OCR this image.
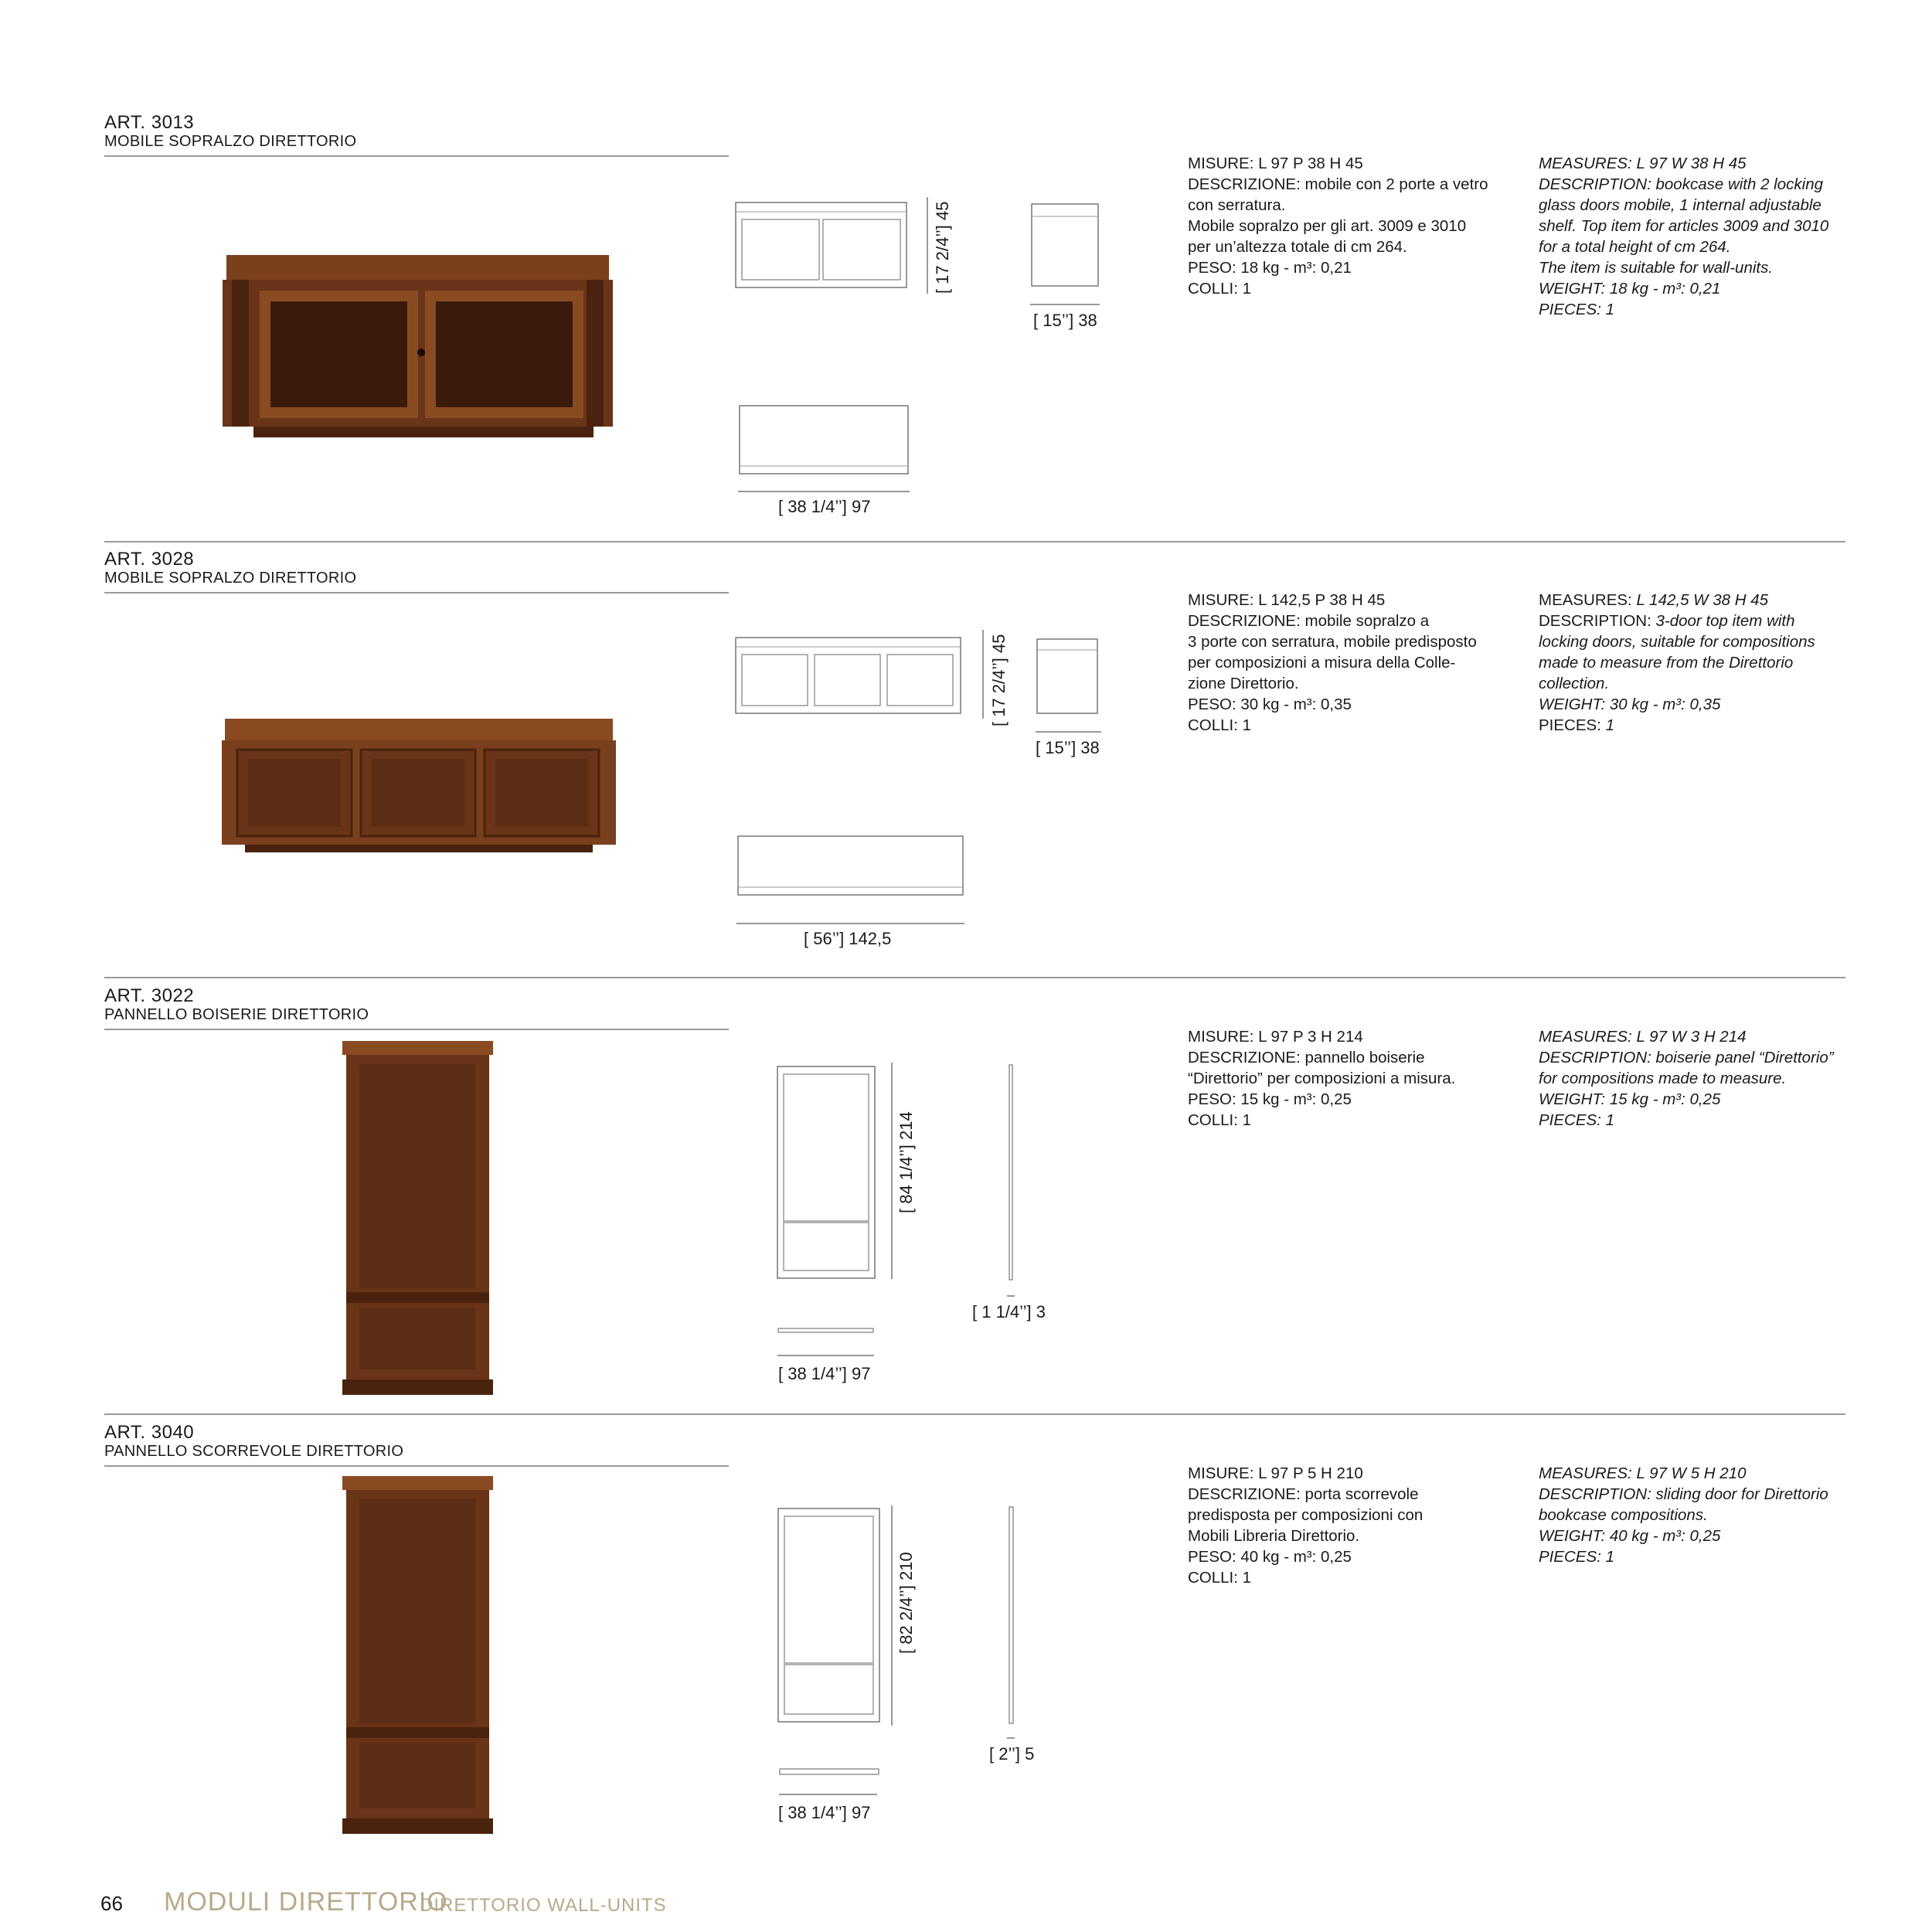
ART. 3013
MOBILE SOPRALZO DIRETTORIO
[ 17 2/4’’] 45
[ 15’’] 38
[ 38 1/4’’] 97
MISURE: L 97 P 38 H 45
DESCRIZIONE: mobile con 2 porte a vetro
con serratura.
Mobile sopralzo per gli art. 3009 e 3010
per un’altezza totale di cm 264.
PESO: 18 kg - m³: 0,21
COLLI: 1
MEASURES: L 97 W 38 H 45
DESCRIPTION: bookcase with 2 locking
glass doors mobile, 1 internal adjustable
shelf. Top item for articles 3009 and 3010
for a total height of cm 264.
The item is suitable for wall-units.
WEIGHT: 18 kg - m³: 0,21
PIECES: 1
ART. 3028
MOBILE SOPRALZO DIRETTORIO
[ 17 2/4’’] 45
[ 15’’] 38
[ 56’’] 142,5
MISURE: L 142,5 P 38 H 45
DESCRIZIONE: mobile sopralzo a
3 porte con serratura, mobile predisposto
per composizioni a misura della Colle-
zione Direttorio.
PESO: 30 kg - m³: 0,35
COLLI: 1
MEASURES: L 142,5 W 38 H 45
DESCRIPTION: 3-door top item with
locking doors, suitable for compositions
made to measure from the Direttorio
collection.
WEIGHT: 30 kg - m³: 0,35
PIECES: 1
ART. 3022
PANNELLO BOISERIE DIRETTORIO
[ 84 1/4’’] 214
[ 1 1/4’’] 3
[ 38 1/4’’] 97
MISURE: L 97 P 3 H 214
DESCRIZIONE: pannello boiserie
“Direttorio” per composizioni a misura.
PESO: 15 kg - m³: 0,25
COLLI: 1
MEASURES: L 97 W 3 H 214
DESCRIPTION: boiserie panel “Direttorio”
for compositions made to measure.
WEIGHT: 15 kg - m³: 0,25
PIECES: 1
ART. 3040
PANNELLO SCORREVOLE DIRETTORIO
[ 82 2/4’’] 210
[ 2’’] 5
[ 38 1/4’’] 97
MISURE: L 97 P 5 H 210
DESCRIZIONE: porta scorrevole
predisposta per composizioni con
Mobili Libreria Direttorio.
PESO: 40 kg - m³: 0,25
COLLI: 1
MEASURES: L 97 W 5 H 210
DESCRIPTION: sliding door for Direttorio
bookcase compositions.
WEIGHT: 40 kg - m³: 0,25
PIECES: 1
66 MODULI DIRETTORIO
DIRETTORIO WALL-UNITS
